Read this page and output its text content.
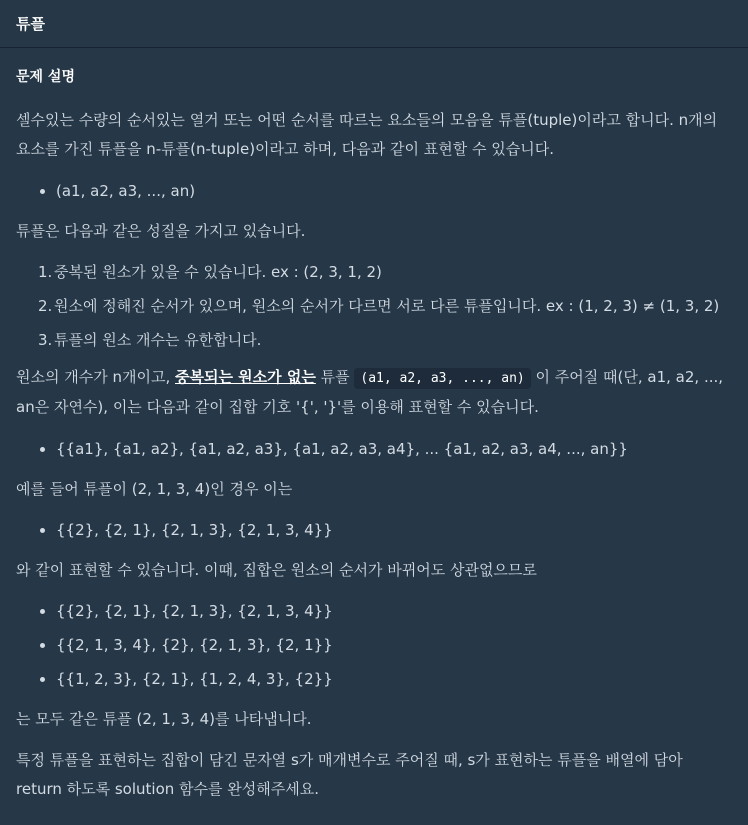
튜플
문제 설명

셀수있는 수량의 순서있는 열거 또는 어떤 순서를 따르는 요소들의 모음을 튜플(tuple)이라고 합니다. n개의 요소를 가진 튜플을 n-튜플(n-tuple)이라고 하며, 다음과 같이 표현할 수 있습니다.

(a1, a2, a3, ..., an)

튜플은 다음과 같은 성질을 가지고 있습니다.

1. 중복된 원소가 있을 수 있습니다. ex : (2, 3, 1, 2)
2. 원소에 정해진 순서가 있으며, 원소의 순서가 다르면 서로 다른 튜플입니다. ex : (1, 2, 3) ≠ (1, 3, 2)
3. 튜플의 원소 개수는 유한합니다.

원소의 개수가 n개이고, 중복되는 원소가 없는 튜플 (a1, a2, a3, ..., an) 이 주어질 때(단, a1, a2, ..., an은 자연수), 이는 다음과 같이 집합 기호 '{', '}'를 이용해 표현할 수 있습니다.

{{a1}, {a1, a2}, {a1, a2, a3}, {a1, a2, a3, a4}, ... {a1, a2, a3, a4, ..., an}}

예를 들어 튜플이 (2, 1, 3, 4)인 경우 이는

{{2}, {2, 1}, {2, 1, 3}, {2, 1, 3, 4}}

와 같이 표현할 수 있습니다. 이때, 집합은 원소의 순서가 바뀌어도 상관없으므로

{{2}, {2, 1}, {2, 1, 3}, {2, 1, 3, 4}}
{{2, 1, 3, 4}, {2}, {2, 1, 3}, {2, 1}}
{{1, 2, 3}, {2, 1}, {1, 2, 4, 3}, {2}}

는 모두 같은 튜플 (2, 1, 3, 4)를 나타냅니다.

특정 튜플을 표현하는 집합이 담긴 문자열 s가 매개변수로 주어질 때, s가 표현하는 튜플을 배열에 담아 return 하도록 solution 함수를 완성해주세요.
